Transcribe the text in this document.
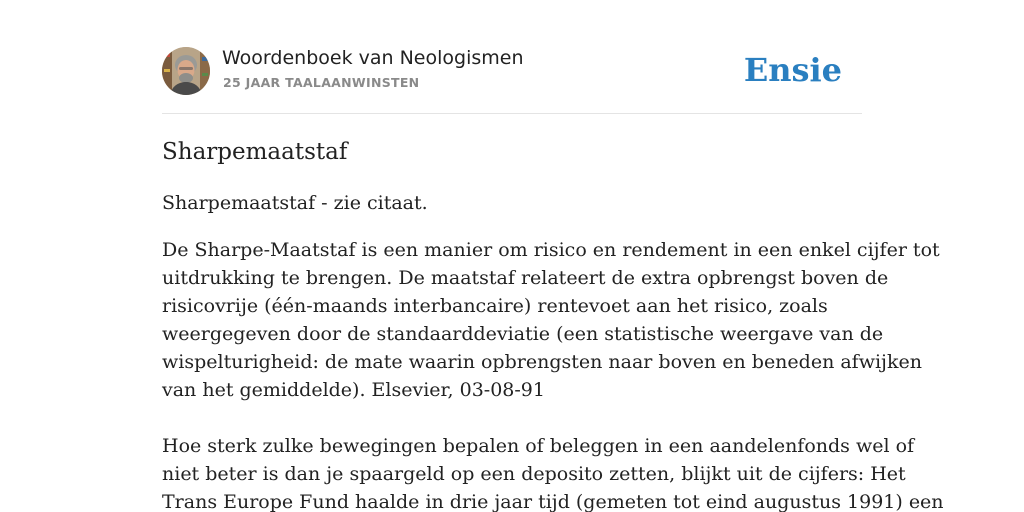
Woordenboek van Neologismen
25 JAAR TAALAANWINSTEN	Ensie
Sharpemaatstaf

Sharpemaatstaf - zie citaat.

De Sharpe-Maatstaf is een manier om risico en rendement in een enkel cijfer tot
uitdrukking te brengen. De maatstaf relateert de extra opbrengst boven de
risicovrije (één-maands interbancaire) rentevoet aan het risico, zoals
weergegeven door de standaarddeviatie (een statistische weergave van de
wispelturigheid: de mate waarin opbrengsten naar boven en beneden afwijken
van het gemiddelde). Elsevier, 03-08-91
Hoe sterk zulke bewegingen bepalen of beleggen in een aandelenfonds wel of
niet beter is dan je spaargeld op een deposito zetten, blijkt uit de cijfers: Het
Trans Europe Fund haalde in drie jaar tijd (gemeten tot eind augustus 1991) een
